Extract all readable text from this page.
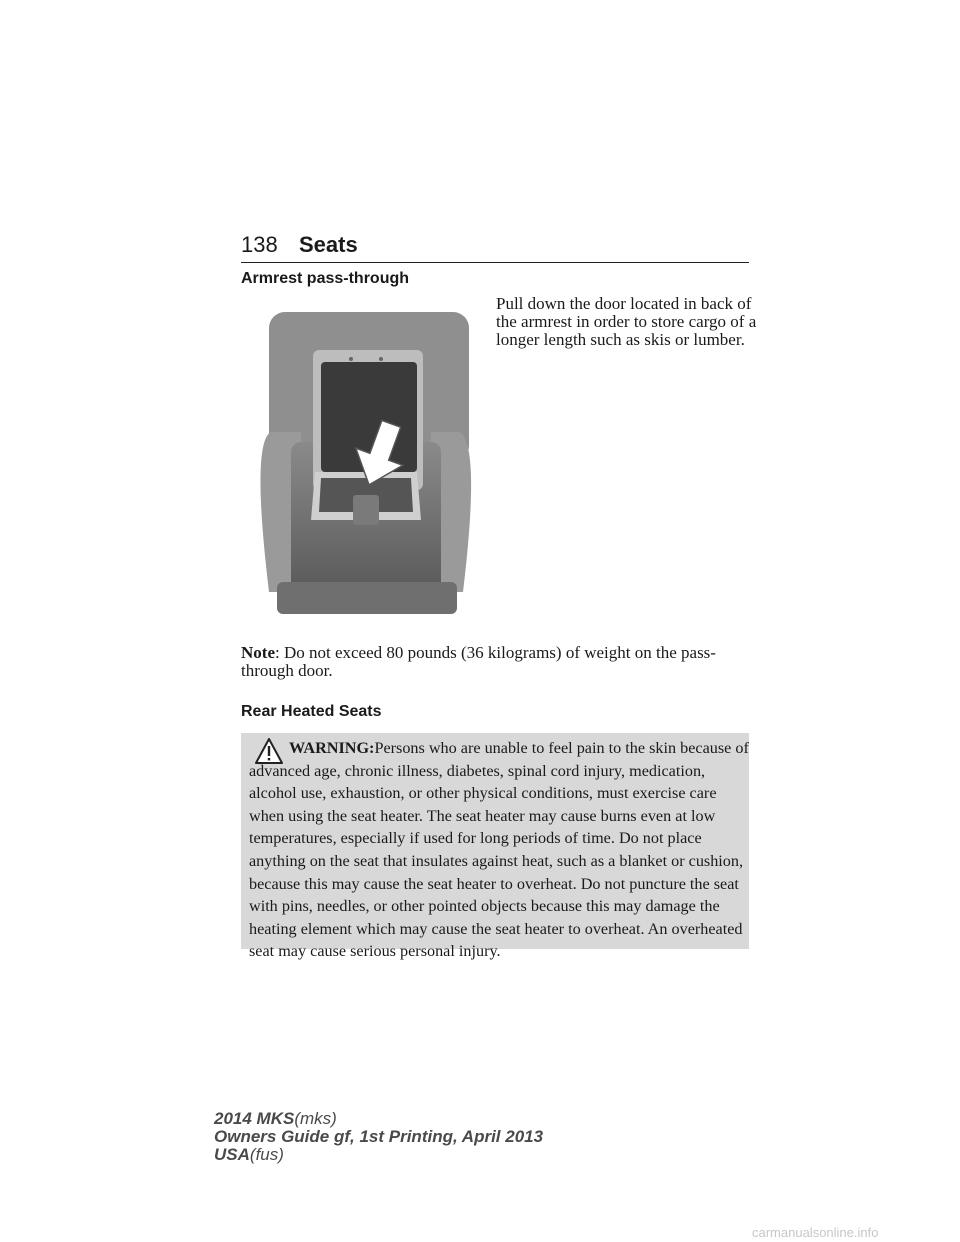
138 Seats
Armrest pass-through
Pull down the door located in back of the armrest in order to store cargo of a longer length such as skis or lumber.
Note: Do not exceed 80 pounds (36 kilograms) of weight on the pass-through door.
Rear Heated Seats
WARNING:Persons who are unable to feel pain to the skin because of advanced age, chronic illness, diabetes, spinal cord injury, medication, alcohol use, exhaustion, or other physical conditions, must exercise care when using the seat heater. The seat heater may cause burns even at low temperatures, especially if used for long periods of time. Do not place anything on the seat that insulates against heat, such as a blanket or cushion, because this may cause the seat heater to overheat. Do not puncture the seat with pins, needles, or other pointed objects because this may damage the heating element which may cause the seat heater to overheat. An overheated seat may cause serious personal injury.
2014 MKS(mks)
Owners Guide gf, 1st Printing, April 2013
USA(fus)
carmanualsonline.info
